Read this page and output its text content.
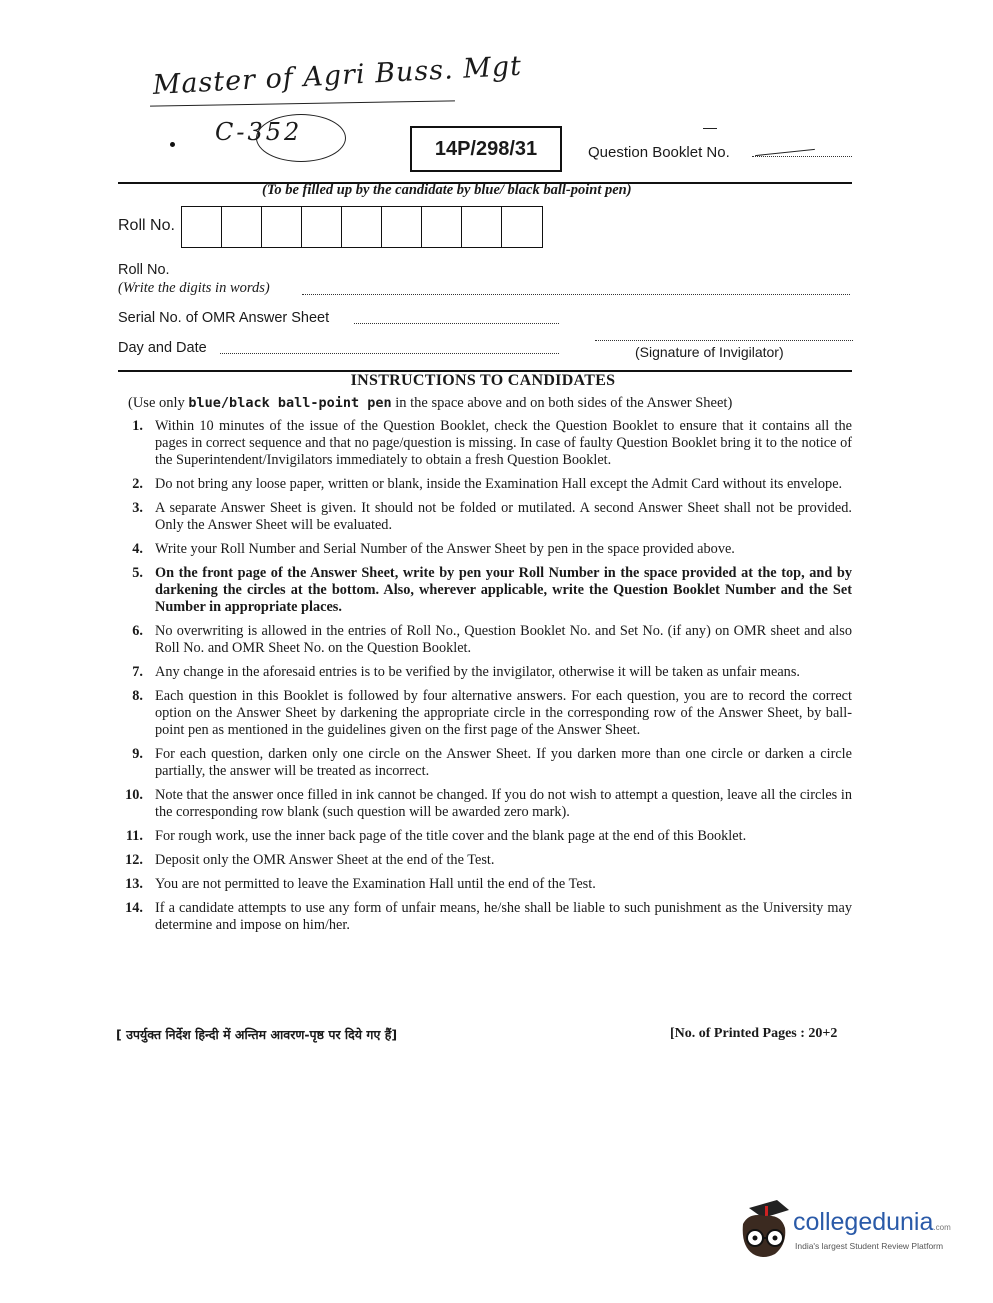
Master of Agri Buss. Mgt
C-352
14P/298/31	Question Booklet No.
(To be filled up by the candidate by blue/ black ball-point pen)
Roll No.
Roll No.
(Write the digits in words)
Serial No. of OMR Answer Sheet
Day and Date	(Signature of Invigilator)
INSTRUCTIONS TO CANDIDATES
(Use only blue/black ball-point pen in the space above and on both sides of the Answer Sheet)
1. Within 10 minutes of the issue of the Question Booklet, check the Question Booklet to ensure that it contains all the pages in correct sequence and that no page/question is missing. In case of faulty Question Booklet bring it to the notice of the Superintendent/Invigilators immediately to obtain a fresh Question Booklet.
2. Do not bring any loose paper, written or blank, inside the Examination Hall except the Admit Card without its envelope.
3. A separate Answer Sheet is given. It should not be folded or mutilated. A second Answer Sheet shall not be provided. Only the Answer Sheet will be evaluated.
4. Write your Roll Number and Serial Number of the Answer Sheet by pen in the space provided above.
5. On the front page of the Answer Sheet, write by pen your Roll Number in the space provided at the top, and by darkening the circles at the bottom. Also, wherever applicable, write the Question Booklet Number and the Set Number in appropriate places.
6. No overwriting is allowed in the entries of Roll No., Question Booklet No. and Set No. (if any) on OMR sheet and also Roll No. and OMR Sheet No. on the Question Booklet.
7. Any change in the aforesaid entries is to be verified by the invigilator, otherwise it will be taken as unfair means.
8. Each question in this Booklet is followed by four alternative answers. For each question, you are to record the correct option on the Answer Sheet by darkening the appropriate circle in the corresponding row of the Answer Sheet, by ball-point pen as mentioned in the guidelines given on the first page of the Answer Sheet.
9. For each question, darken only one circle on the Answer Sheet. If you darken more than one circle or darken a circle partially, the answer will be treated as incorrect.
10. Note that the answer once filled in ink cannot be changed. If you do not wish to attempt a question, leave all the circles in the corresponding row blank (such question will be awarded zero mark).
11. For rough work, use the inner back page of the title cover and the blank page at the end of this Booklet.
12. Deposit only the OMR Answer Sheet at the end of the Test.
13. You are not permitted to leave the Examination Hall until the end of the Test.
14. If a candidate attempts to use any form of unfair means, he/she shall be liable to such punishment as the University may determine and impose on him/her.
[ उपर्युक्त निर्देश हिन्दी में अन्तिम आवरण-पृष्ठ पर दिये गए हैं]	[No. of Printed Pages : 20+2
collegedunia.com
India's largest Student Review Platform
